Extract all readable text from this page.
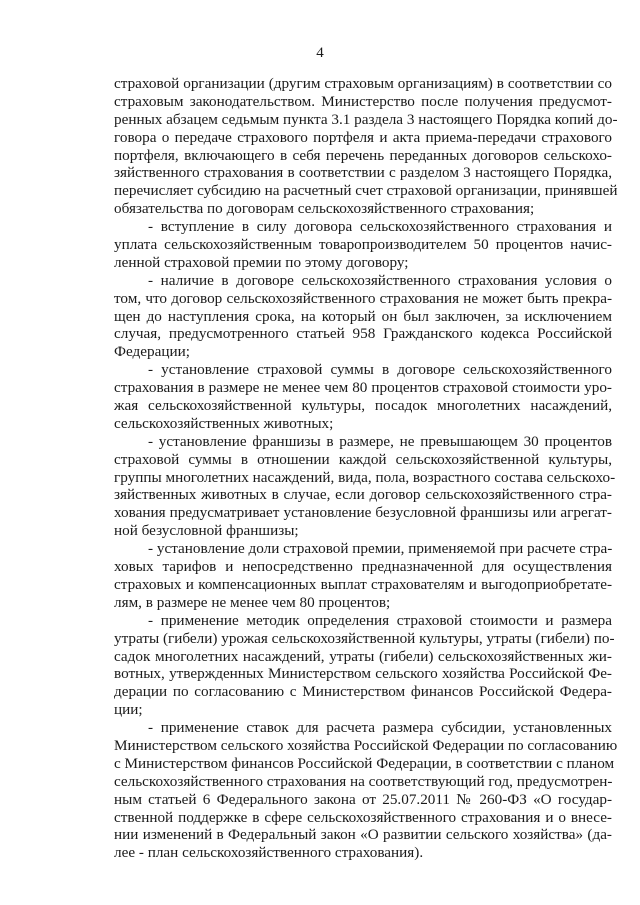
4
страховой организации (другим страховым организациям) в соответствии со
страховым законодательством. Министерство после получения предусмот-
ренных абзацем седьмым пункта 3.1 раздела 3 настоящего Порядка копий до-
говора о передаче страхового портфеля и акта приема-передачи страхового
портфеля, включающего в себя перечень переданных договоров сельскохо-
зяйственного страхования в соответствии с разделом 3 настоящего Порядка,
перечисляет субсидию на расчетный счет страховой организации, принявшей
обязательства по договорам сельскохозяйственного страхования;
- вступление в силу договора сельскохозяйственного страхования и
уплата сельскохозяйственным товаропроизводителем 50 процентов начис-
ленной страховой премии по этому договору;
- наличие в договоре сельскохозяйственного страхования условия о
том, что договор сельскохозяйственного страхования не может быть прекра-
щен до наступления срока, на который он был заключен, за исключением
случая, предусмотренного статьей 958 Гражданского кодекса Российской
Федерации;
- установление страховой суммы в договоре сельскохозяйственного
страхования в размере не менее чем 80 процентов страховой стоимости уро-
жая сельскохозяйственной культуры, посадок многолетних насаждений,
сельскохозяйственных животных;
- установление франшизы в размере, не превышающем 30 процентов
страховой суммы в отношении каждой сельскохозяйственной культуры,
группы многолетних насаждений, вида, пола, возрастного состава сельскохо-
зяйственных животных в случае, если договор сельскохозяйственного стра-
хования предусматривает установление безусловной франшизы или агрегат-
ной безусловной франшизы;
- установление доли страховой премии, применяемой при расчете стра-
ховых тарифов и непосредственно предназначенной для осуществления
страховых и компенсационных выплат страхователям и выгодоприобретате-
лям, в размере не менее чем 80 процентов;
- применение методик определения страховой стоимости и размера
утраты (гибели) урожая сельскохозяйственной культуры, утраты (гибели) по-
садок многолетних насаждений, утраты (гибели) сельскохозяйственных жи-
вотных, утвержденных Министерством сельского хозяйства Российской Фе-
дерации по согласованию с Министерством финансов Российской Федера-
ции;
- применение ставок для расчета размера субсидии, установленных
Министерством сельского хозяйства Российской Федерации по согласованию
с Министерством финансов Российской Федерации, в соответствии с планом
сельскохозяйственного страхования на соответствующий год, предусмотрен-
ным статьей 6 Федерального закона от 25.07.2011 № 260-ФЗ «О государ-
ственной поддержке в сфере сельскохозяйственного страхования и о внесе-
нии изменений в Федеральный закон «О развитии сельского хозяйства» (да-
лее - план сельскохозяйственного страхования).
